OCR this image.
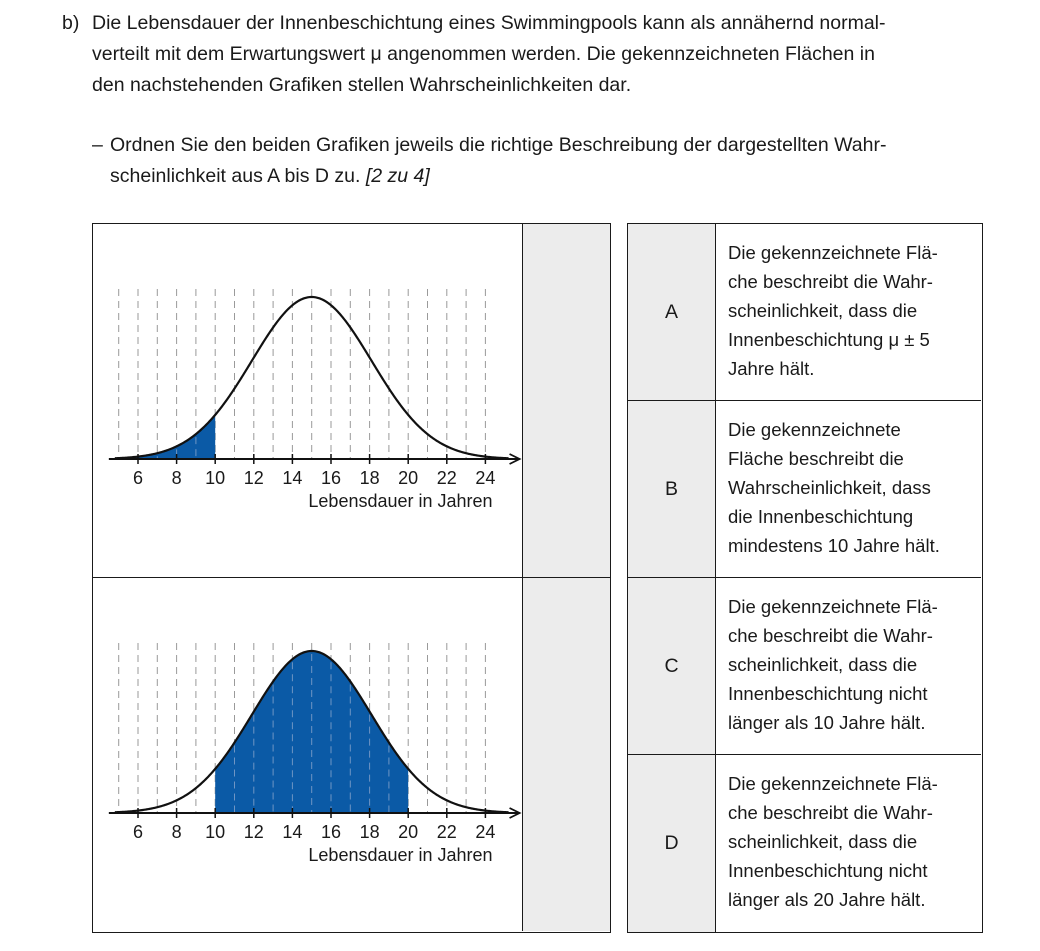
b) Die Lebensdauer der Innenbeschichtung eines Swimmingpools kann als annähernd normal-
verteilt mit dem Erwartungswert μ angenommen werden. Die gekennzeichneten Flächen in
den nachstehenden Grafiken stellen Wahrscheinlichkeiten dar.
– Ordnen Sie den beiden Grafiken jeweils die richtige Beschreibung der dargestellten Wahr-
scheinlichkeit aus A bis D zu. [2 zu 4]
6 8 10 12 14 16 18 20 22 24
Lebensdauer in Jahren
6 8 10 12 14 16 18 20 22 24
Lebensdauer in Jahren
A
Die gekennzeichnete Flä-
che beschreibt die Wahr-
scheinlichkeit, dass die
Innenbeschichtung μ ± 5
Jahre hält.
B
Die gekennzeichnete
Fläche beschreibt die
Wahrscheinlichkeit, dass
die Innenbeschichtung
mindestens 10 Jahre hält.
C
Die gekennzeichnete Flä-
che beschreibt die Wahr-
scheinlichkeit, dass die
Innenbeschichtung nicht
länger als 10 Jahre hält.
D
Die gekennzeichnete Flä-
che beschreibt die Wahr-
scheinlichkeit, dass die
Innenbeschichtung nicht
länger als 20 Jahre hält.
